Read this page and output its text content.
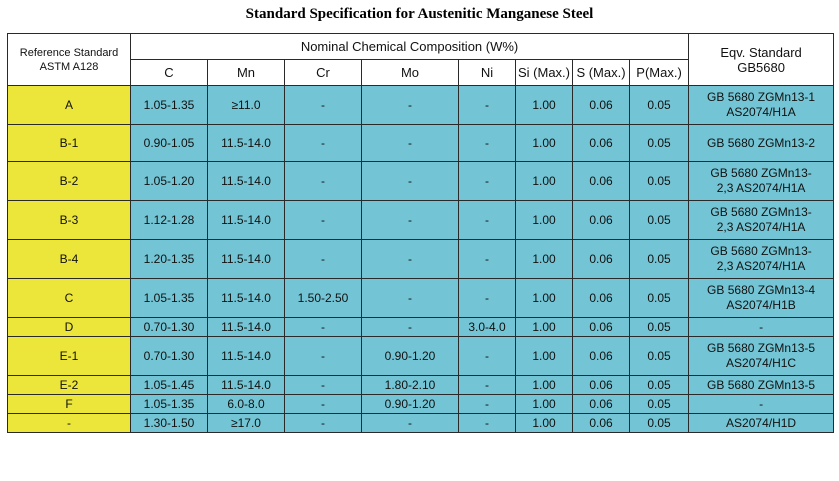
Standard Specification for Austenitic Manganese Steel
Reference Standard
ASTM A128	Nominal Chemical Composition (W%)								Eqv. Standard
GB5680
	C	Mn	Cr	Mo	Ni	Si (Max.)	S (Max.)	P(Max.)	
A	1.05-1.35	≥11.0	-	-	-	1.00	0.06	0.05	GB 5680 ZGMn13-1
AS2074/H1A
B-1	0.90-1.05	11.5-14.0	-	-	-	1.00	0.06	0.05	GB 5680 ZGMn13-2
B-2	1.05-1.20	11.5-14.0	-	-	-	1.00	0.06	0.05	GB 5680 ZGMn13-
2,3 AS2074/H1A
B-3	1.12-1.28	11.5-14.0	-	-	-	1.00	0.06	0.05	GB 5680 ZGMn13-
2,3 AS2074/H1A
B-4	1.20-1.35	11.5-14.0	-	-	-	1.00	0.06	0.05	GB 5680 ZGMn13-
2,3 AS2074/H1A
C	1.05-1.35	11.5-14.0	1.50-2.50	-	-	1.00	0.06	0.05	GB 5680 ZGMn13-4
AS2074/H1B
D	0.70-1.30	11.5-14.0	-	-	3.0-4.0	1.00	0.06	0.05	-
E-1	0.70-1.30	11.5-14.0	-	0.90-1.20	-	1.00	0.06	0.05	GB 5680 ZGMn13-5
AS2074/H1C
E-2	1.05-1.45	11.5-14.0	-	1.80-2.10	-	1.00	0.06	0.05	GB 5680 ZGMn13-5
F	1.05-1.35	6.0-8.0	-	0.90-1.20	-	1.00	0.06	0.05	-
-	1.30-1.50	≥17.0	-	-	-	1.00	0.06	0.05	AS2074/H1D
